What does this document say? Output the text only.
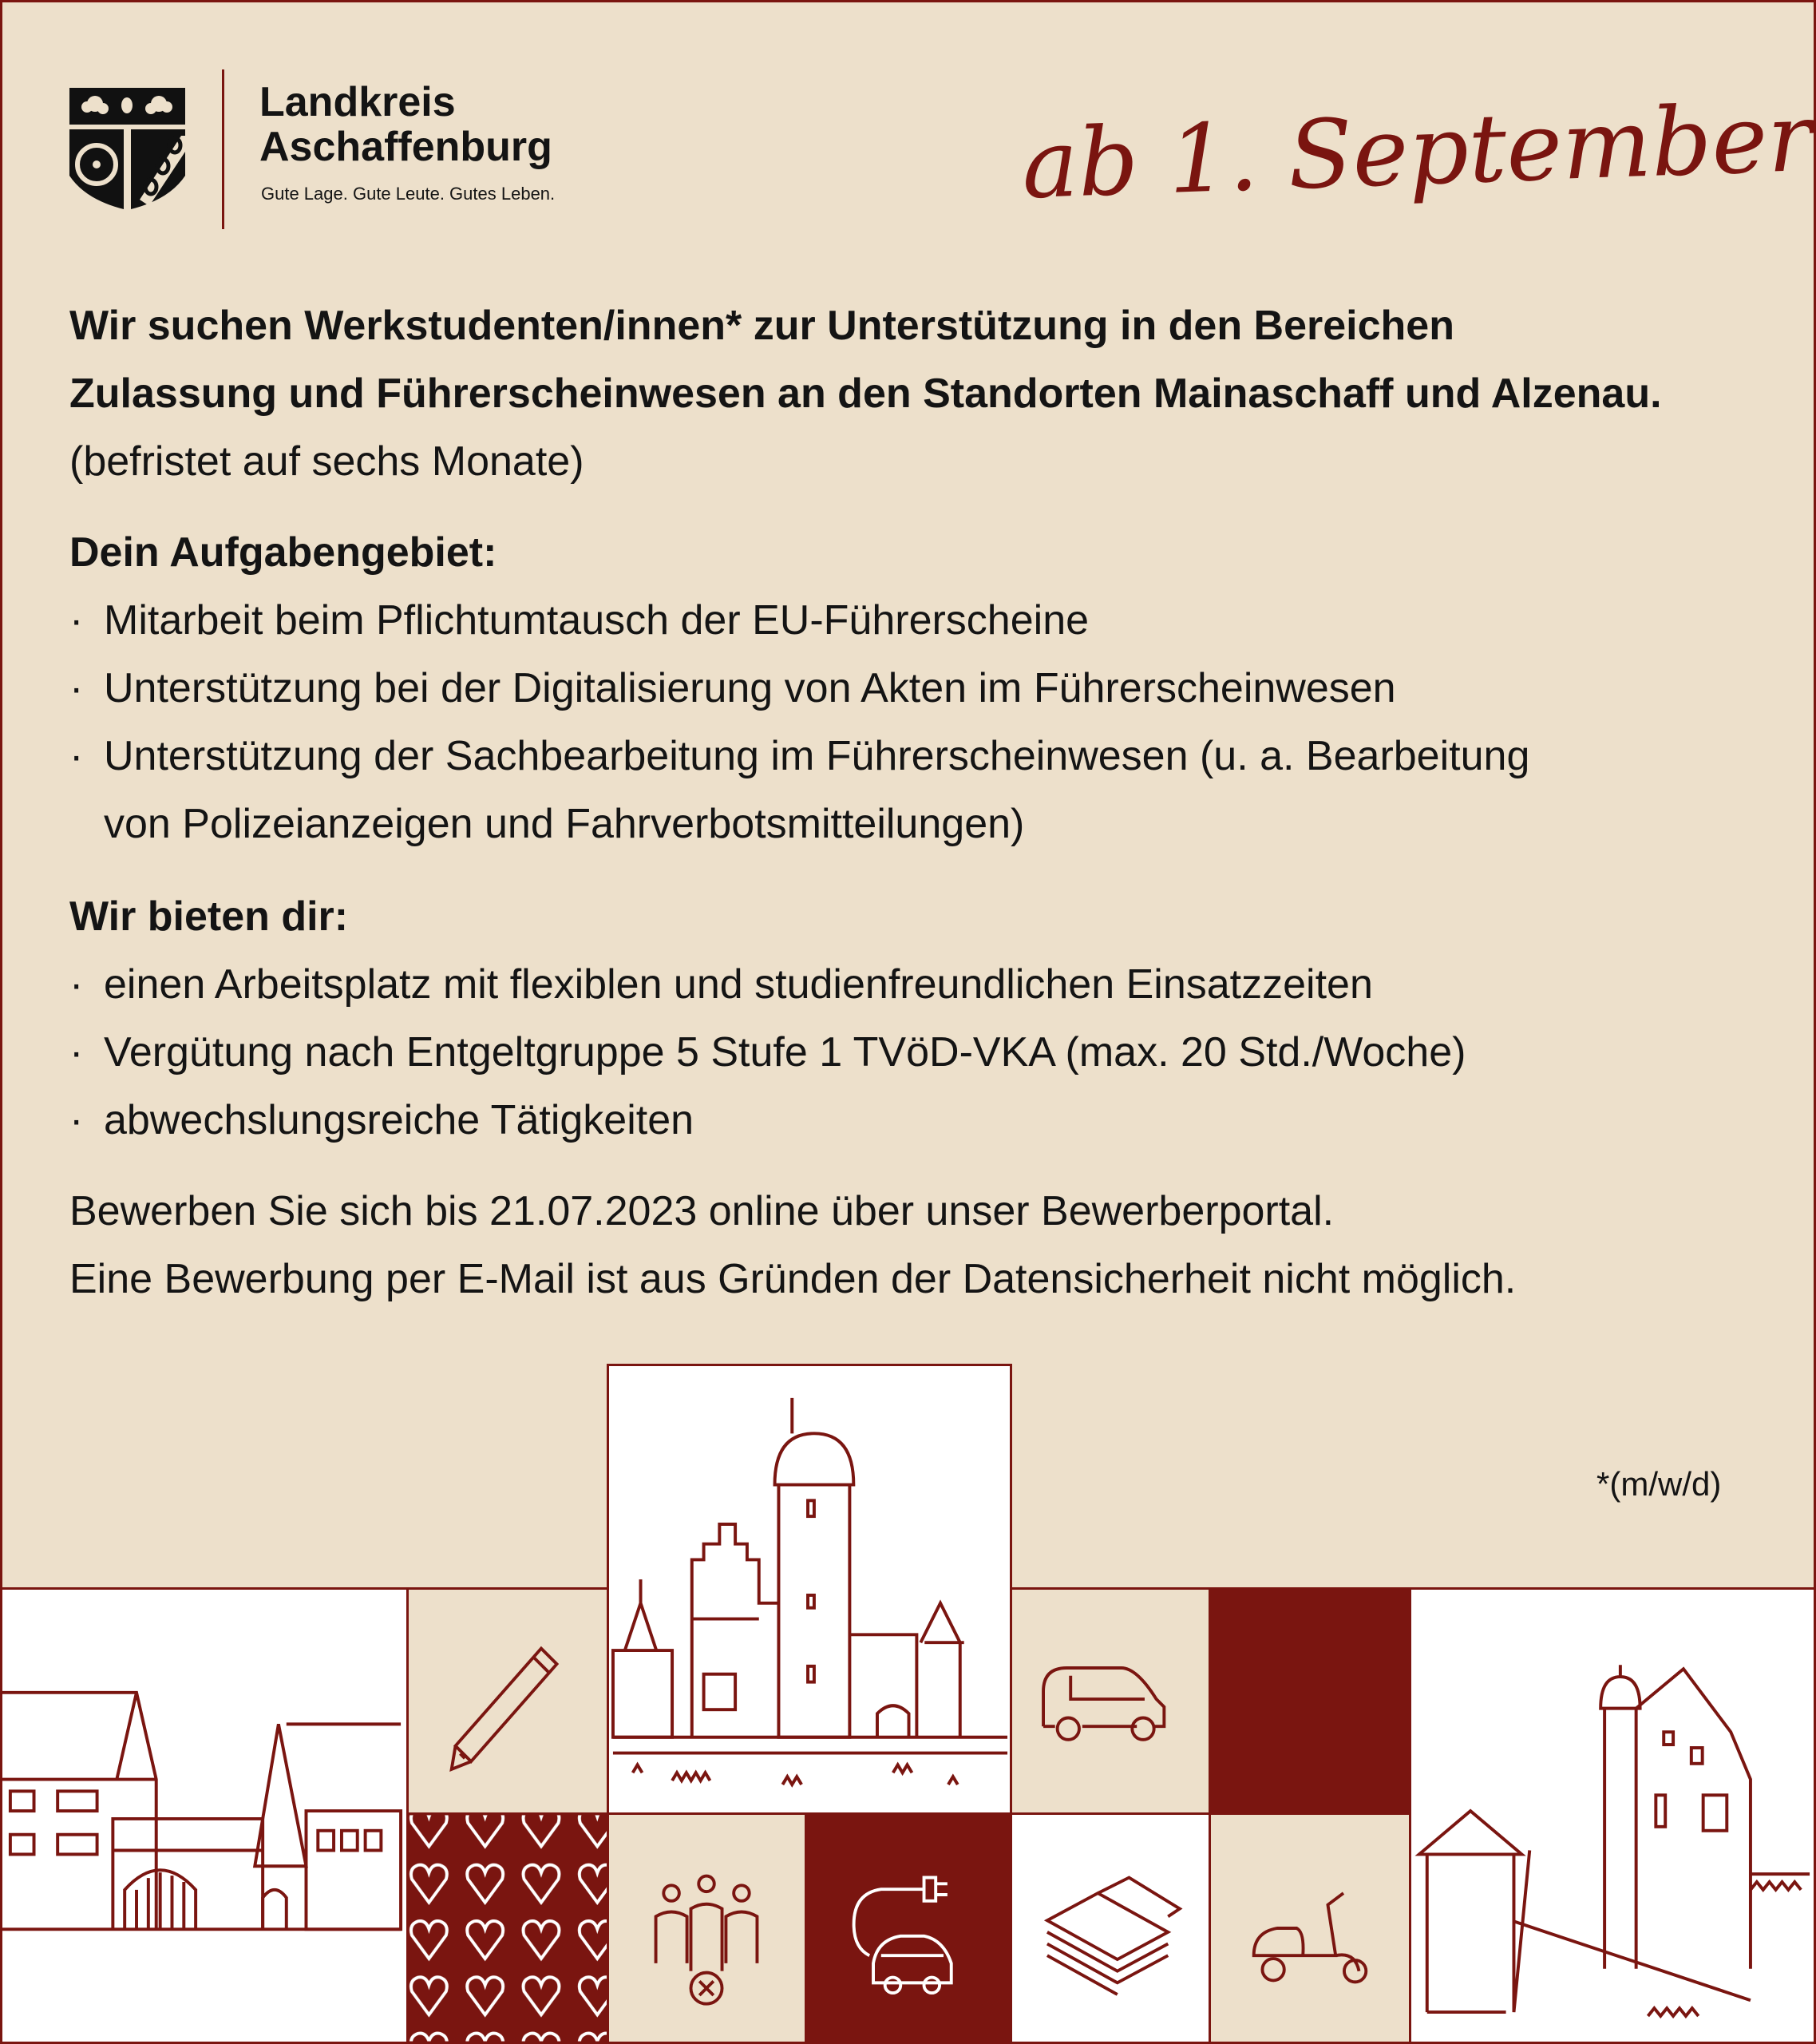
Landkreis
Aschaffenburg
Gute Lage. Gute Leute. Gutes Leben.	ab 1. September
Wir suchen Werkstudenten/innen* zur Unterstützung in den Bereichen
Zulassung und Führerscheinwesen an den Standorten Mainaschaff und Alzenau.
(befristet auf sechs Monate)
Dein Aufgabengebiet:
· Mitarbeit beim Pflichtumtausch der EU-Führerscheine
· Unterstützung bei der Digitalisierung von Akten im Führerscheinwesen
· Unterstützung der Sachbearbeitung im Führerscheinwesen (u. a. Bearbeitung
von Polizeianzeigen und Fahrverbotsmitteilungen)
Wir bieten dir:
· einen Arbeitsplatz mit flexiblen und studienfreundlichen Einsatzzeiten
· Vergütung nach Entgeltgruppe 5 Stufe 1 TVöD-VKA (max. 20 Std./Woche)
· abwechslungsreiche Tätigkeiten
Bewerben Sie sich bis 21.07.2023 online über unser Bewerberportal.
Eine Bewerbung per E-Mail ist aus Gründen der Datensicherheit nicht möglich.
*(m/w/d)
